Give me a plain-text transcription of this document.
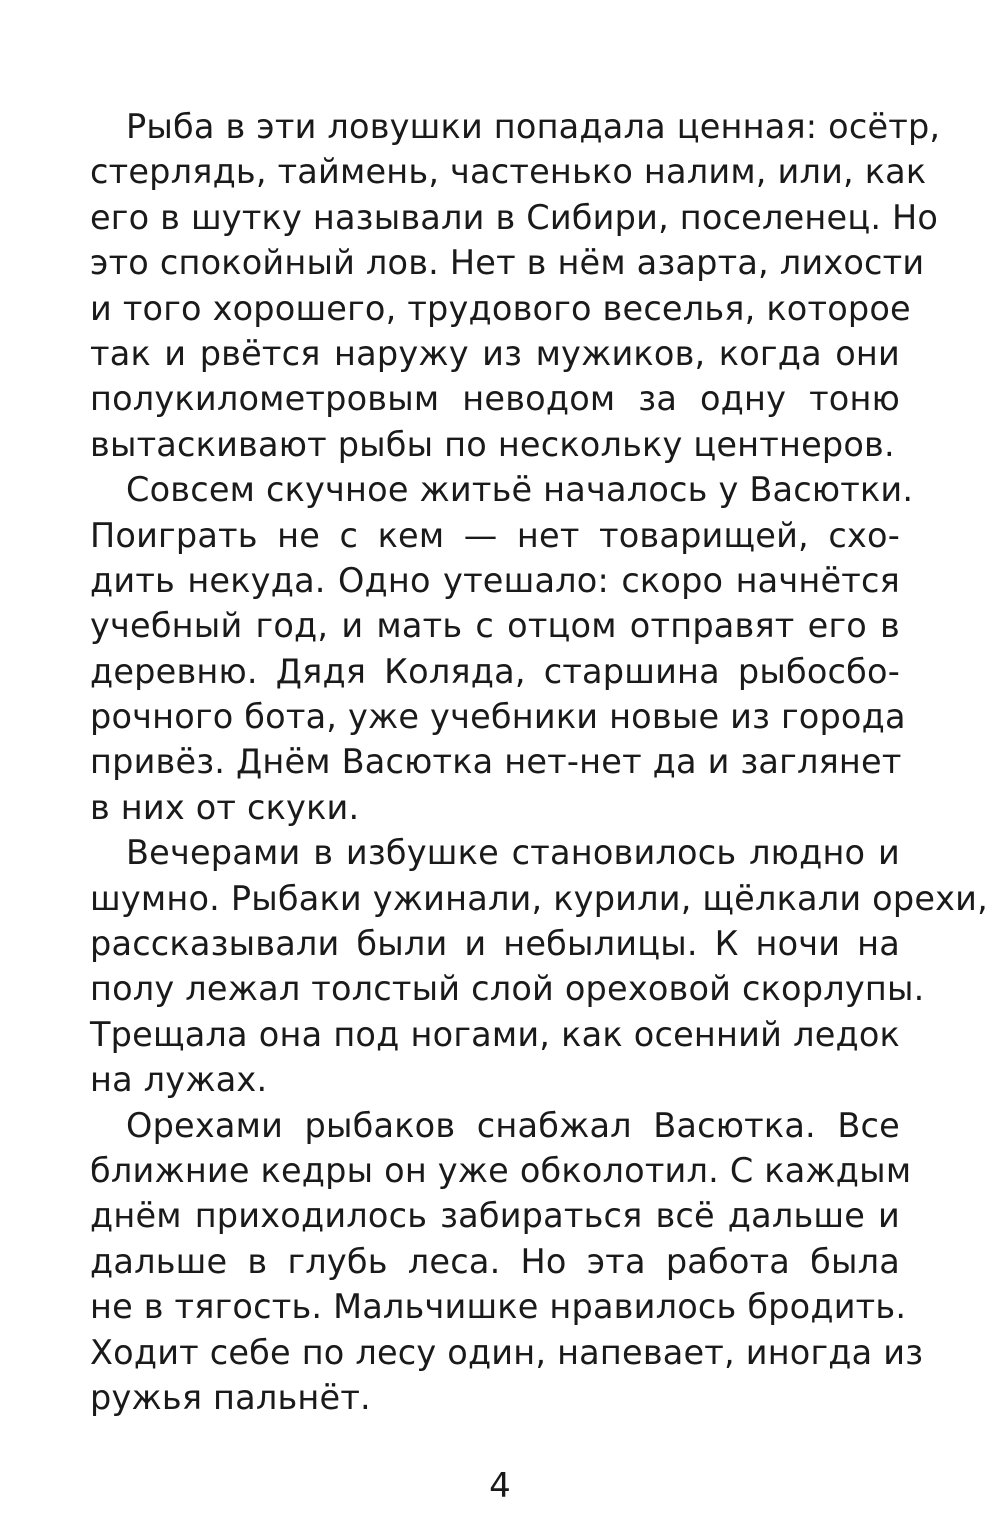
Рыба в эти ловушки попадала ценная: осётр,
стерлядь, таймень, частенько налим, или, как
его в шутку называли в Сибири, поселенец. Но
это спокойный лов. Нет в нём азарта, лихости
и того хорошего, трудового веселья, которое
так и рвётся наружу из мужиков, когда они
полукилометровым неводом за одну тоню
вытаскивают рыбы по нескольку центнеров.
Совсем скучное житьё началось у Васютки.
Поиграть не с кем — нет товарищей, схо-
дить некуда. Одно утешало: скоро начнётся
учебный год, и мать с отцом отправят его в
деревню. Дядя Коляда, старшина рыбосбо-
рочного бота, уже учебники новые из города
привёз. Днём Васютка нет-нет да и заглянет
в них от скуки.
Вечерами в избушке становилось людно и
шумно. Рыбаки ужинали, курили, щёлкали орехи,
рассказывали были и небылицы. К ночи на
полу лежал толстый слой ореховой скорлупы.
Трещала она под ногами, как осенний ледок
на лужах.
Орехами рыбаков снабжал Васютка. Все
ближние кедры он уже обколотил. С каждым
днём приходилось забираться всё дальше и
дальше в глубь леса. Но эта работа была
не в тягость. Мальчишке нравилось бродить.
Ходит себе по лесу один, напевает, иногда из
ружья пальнёт.
4
